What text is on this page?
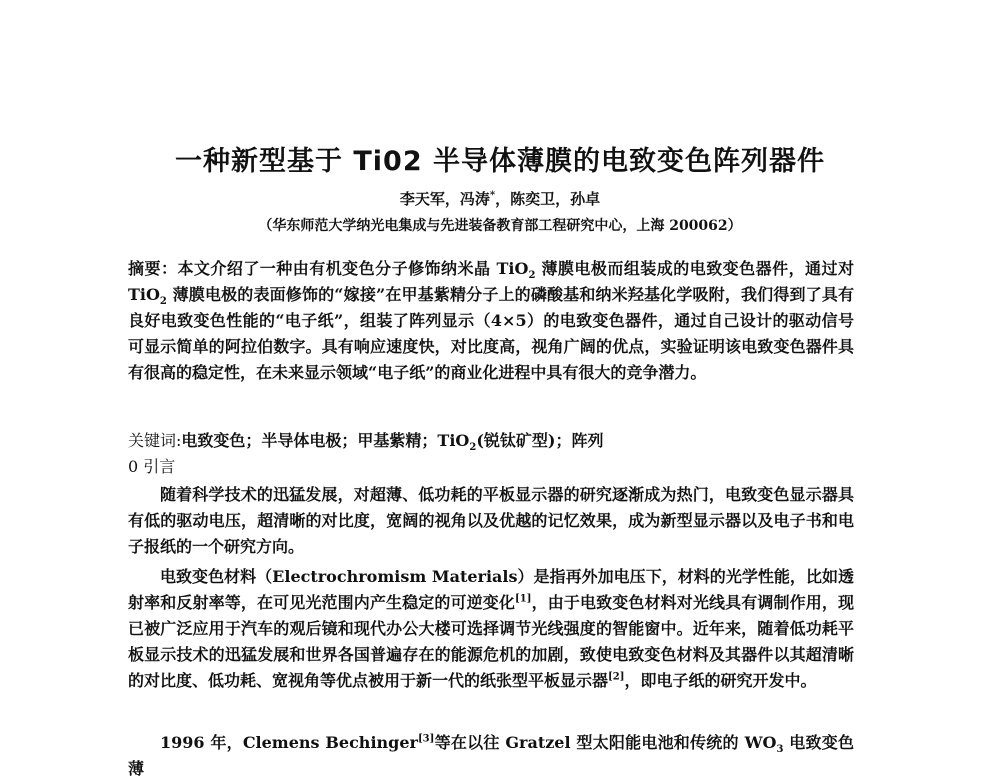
一种新型基于 Ti02 半导体薄膜的电致变色阵列器件
李天军，冯涛*，陈奕卫，孙卓
（华东师范大学纳光电集成与先进装备教育部工程研究中心，上海 200062）
摘要：本文介绍了一种由有机变色分子修饰纳米晶 TiO$_2$ 薄膜电极而组装成的电致变色器件，通过对 TiO$_2$ 薄膜电极的表面修饰的“嫁接”在甲基紫精分子上的磷酸基和纳米羟基化学吸附，我们得到了具有良好电致变色性能的“电子纸”，组装了阵列显示（4×5）的电致变色器件，通过自己设计的驱动信号可显示简单的阿拉伯数字。具有响应速度快，对比度高，视角广阔的优点，实验证明该电致变色器件具有很高的稳定性，在未来显示领域“电子纸”的商业化进程中具有很大的竞争潜力。
关键词:电致变色；半导体电极；甲基紫精；TiO$_2$(锐钛矿型)；阵列
0 引言
随着科学技术的迅猛发展，对超薄、低功耗的平板显示器的研究逐渐成为热门，电致变色显示器具有低的驱动电压，超清晰的对比度，宽阔的视角以及优越的记忆效果，成为新型显示器以及电子书和电子报纸的一个研究方向。
电致变色材料（Electrochromism Materials）是指再外加电压下，材料的光学性能，比如透射率和反射率等，在可见光范围内产生稳定的可逆变化[1]，由于电致变色材料对光线具有调制作用，现已被广泛应用于汽车的观后镜和现代办公大楼可选择调节光线强度的智能窗中。近年来，随着低功耗平板显示技术的迅猛发展和世界各国普遍存在的能源危机的加剧，致使电致变色材料及其器件以其超清晰的对比度、低功耗、宽视角等优点被用于新一代的纸张型平板显示器[2]，即电子纸的研究开发中。
1996 年，Clemens Bechinger[3]等在以往 Gratzel 型太阳能电池和传统的 $WO_3$ 电致变色薄
